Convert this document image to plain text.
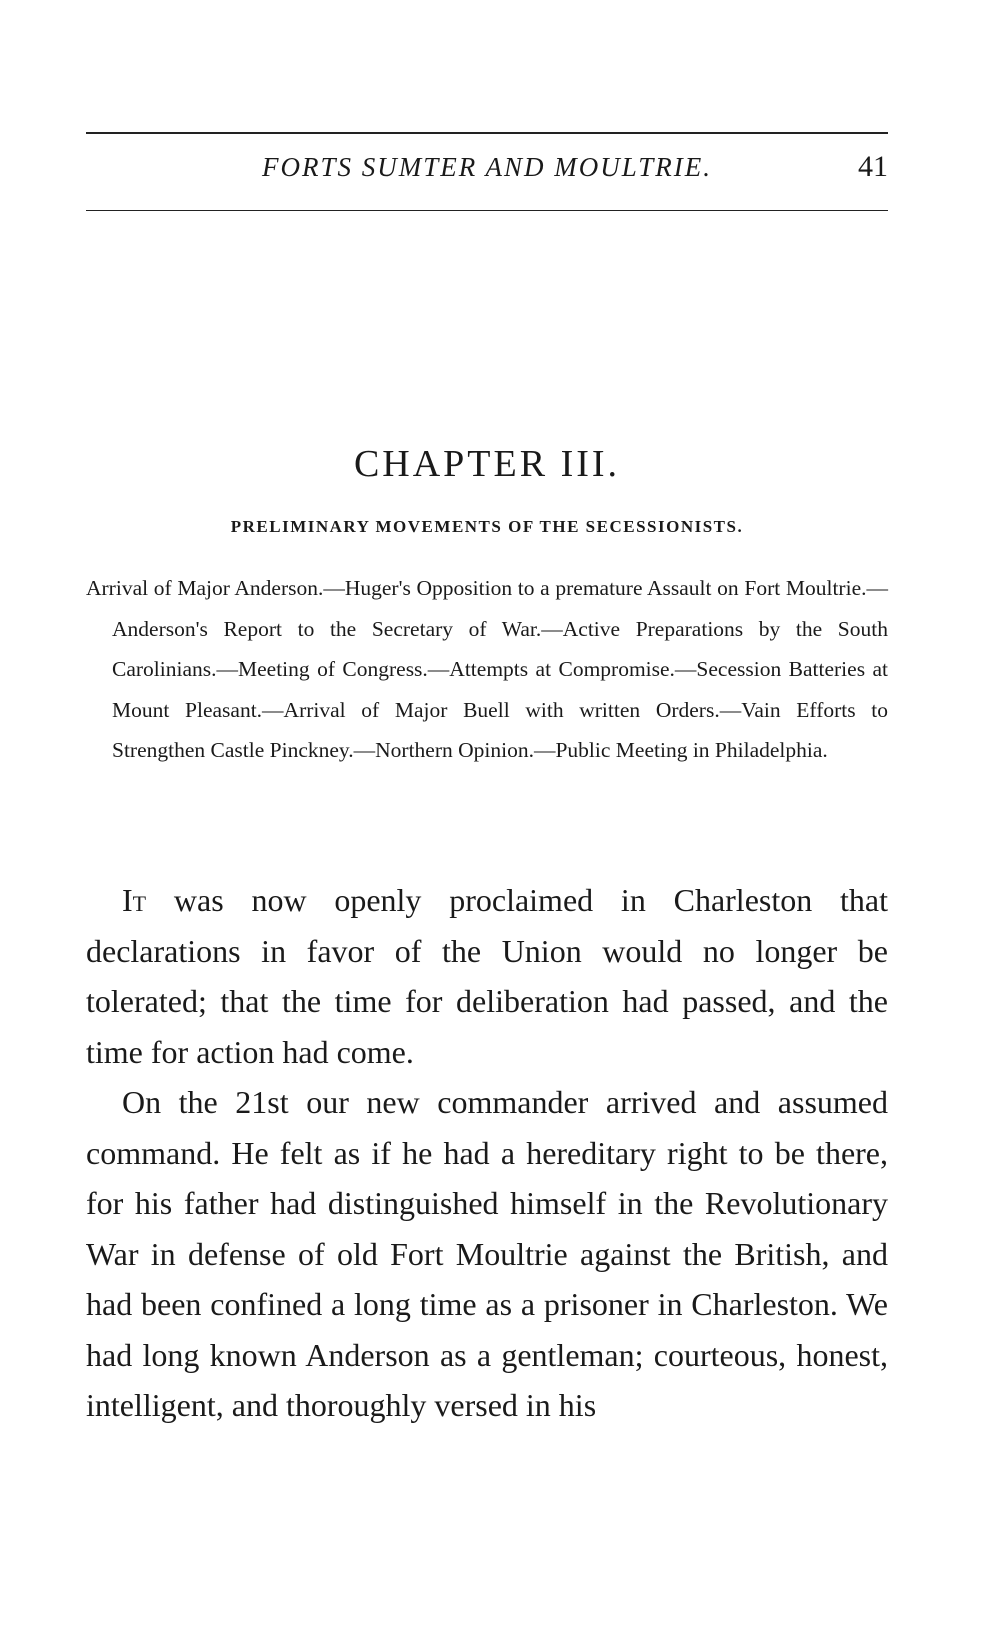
FORTS SUMTER AND MOULTRIE.	41
CHAPTER III.
PRELIMINARY MOVEMENTS OF THE SECESSIONISTS.
Arrival of Major Anderson.—Huger's Opposition to a premature Assault on Fort Moultrie.—Anderson's Report to the Secretary of War.—Active Preparations by the South Carolinians.—Meeting of Congress.—Attempts at Compromise.—Secession Batteries at Mount Pleasant.—Arrival of Major Buell with written Orders.—Vain Efforts to Strengthen Castle Pinckney.—Northern Opinion.—Public Meeting in Philadelphia.

It was now openly proclaimed in Charleston that declarations in favor of the Union would no longer be tolerated; that the time for deliberation had passed, and the time for action had come.

On the 21st our new commander arrived and assumed command. He felt as if he had a hereditary right to be there, for his father had distinguished himself in the Revolutionary War in defense of old Fort Moultrie against the British, and had been confined a long time as a prisoner in Charleston. We had long known Anderson as a gentleman; courteous, honest, intelligent, and thoroughly versed in his
